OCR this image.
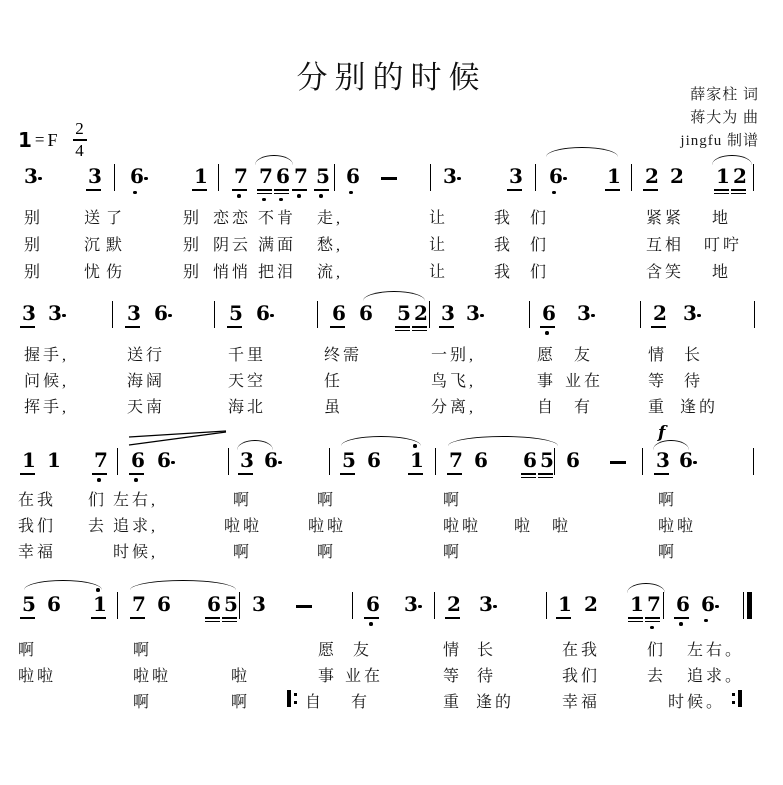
分别的时候	薛家柱 词
蒋大为 曲
jingfu 制谱
1 = F
2
4
3	3 6	1 7 7 6 7 5 6	3	3 6 1 2 2 1 2
别	送 了	别 恋恋 不肯 走,	让	我 们	紧紧 地
别	沉 默	别 阴云 满面 愁,	让	我 们	互相 叮咛
别	忧 伤	别 悄悄 把泪 流,	让	我 们	含笑 地
3 3	3 6	5 6	6 6 5 2 3 3	6 3	2 3
握手,	送行	千里	终需	一别,	愿 友	情 长
问候,	海阔	天空	任	鸟飞,	事 业在	等 待
挥手,	天南	海北	虽	分离,	自 有	重 逢的
1 1 7 6 6	3 6	5 6 1 7 6 6 5 6	3 6
f
在我 们 左右,	啊	啊	啊	啊
我们 去 追求,	啦啦	啦啦	啦啦 啦 啦	啦啦
幸福	时候,	啊	啊	啊	啊
5 6 1 7 6 6 5 3	6 3 2 3	1 2 1 7 6 6
啊	啊	愿 友	情 长	在我	们 左右。
啦啦	啦啦	啦	事 业在	等 待	我们	去 追求。
啊	啊	自 有	重 逢的	幸福	时候。
